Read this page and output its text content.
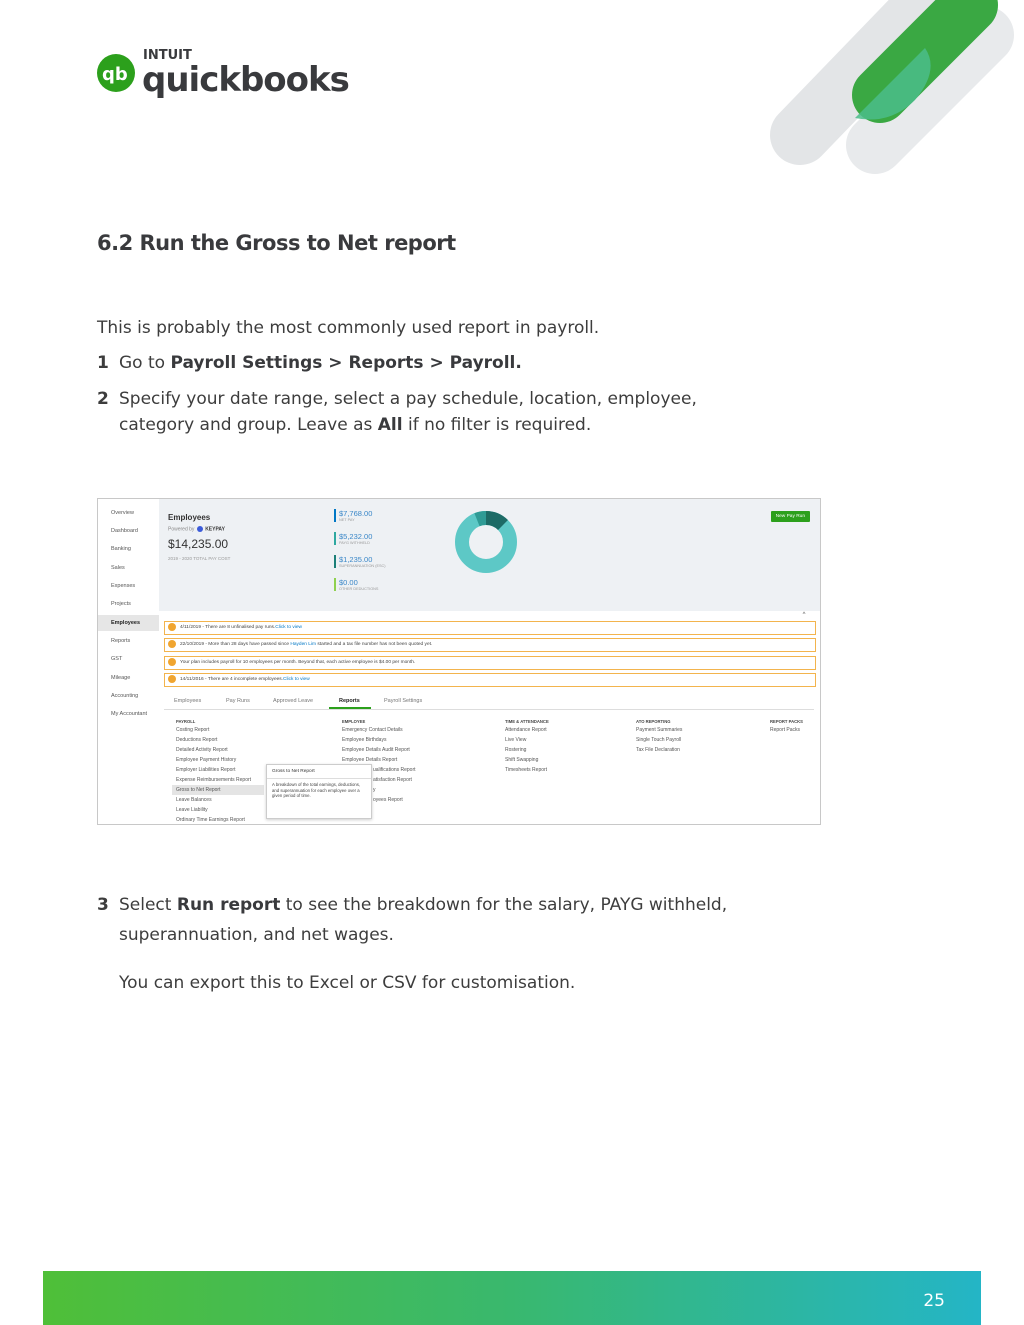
qb
INTUIT
quickbooks
6.2 Run the Gross to Net report
This is probably the most commonly used report in payroll.
1 Go to Payroll Settings > Reports > Payroll.
2 Specify your date range, select a pay schedule, location, employee, category and group. Leave as All if no filter is required.
Overview
Dashboard
Banking
Sales
Expenses
Projects
Employees
Reports
GST
Mileage
Accounting
My Accountant
Employees
Powered by KEYPAY
$14,235.00
2019 - 2020 TOTAL PAY COST
$7,768.00
NET PAY
$5,232.00
PAYG WITHHELD
$1,235.00
SUPERANNUATION (ESC)
$0.00
OTHER DEDUCTIONS
New Pay Run
^
4/11/2019 - There are 8 unfinalised pay runs.Click to view
22/10/2019 - More than 28 days have passed since Hayden Lim started and a tax file number has not been quoted yet.
Your plan includes payroll for 10 employees per month. Beyond that, each active employee is $4.00 per month.
14/11/2016 - There are 4 incomplete employees.Click to view
Employees	Pay Runs	Approved Leave	Reports	Payroll Settings
PAYROLL	EMPLOYEE	TIME & ATTENDANCE	ATO REPORTING	REPORT PACKS
Costing Report
Deductions Report
Detailed Activity Report
Employee Payment History
Employer Liabilities Report
Expense Reimbursements Report
Gross to Net Report
Leave Balances
Leave Liability
Ordinary Time Earnings Report
Emergency Contact Details
Employee Birthdays
Employee Details Audit Report
Employee Details Report
ualifications Report
atisfaction Report
y
oyees Report
Attendance Report
Live View
Rostering
Shift Swapping
Timesheets Report
Payment Summaries
Single Touch Payroll
Tax File Declaration
Report Packs
Gross to Net Report
A breakdown of the total earnings, deductions, and superannuation for each employee over a given period of time.
3 Select Run report to see the breakdown for the salary, PAYG withheld, superannuation, and net wages.
You can export this to Excel or CSV for customisation.
25
